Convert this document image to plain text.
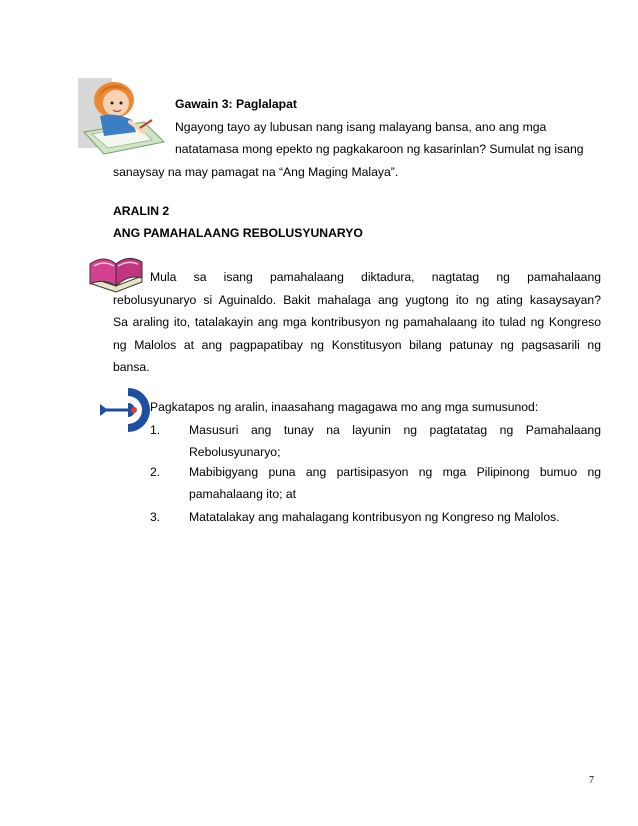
Gawain 3: Paglalapat
Ngayong tayo ay lubusan nang isang malayang bansa, ano ang mga
natatamasa mong epekto ng pagkakaroon ng kasarinlan? Sumulat ng isang
sanaysay na may pamagat na “Ang Maging Malaya”.
ARALIN 2
ANG PAMAHALAANG REBOLUSYUNARYO
Mula sa isang pamahalaang diktadura, nagtatag ng pamahalaang
rebolusyunaryo si Aguinaldo. Bakit mahalaga ang yugtong ito ng ating kasaysayan?
Sa araling ito, tatalakayin ang mga kontribusyon ng pamahalaang ito tulad ng Kongreso
ng Malolos at ang pagpapatibay ng Konstitusyon bilang patunay ng pagsasarili ng
bansa.
Pagkatapos ng aralin, inaasahang magagawa mo ang mga sumusunod:
1. Masusuri ang tunay na layunin ng pagtatatag ng Pamahalaang
Rebolusyunaryo;
2. Mabibigyang puna ang partisipasyon ng mga Pilipinong bumuo ng
pamahalaang ito; at
3. Matatalakay ang mahalagang kontribusyon ng Kongreso ng Malolos.
7
